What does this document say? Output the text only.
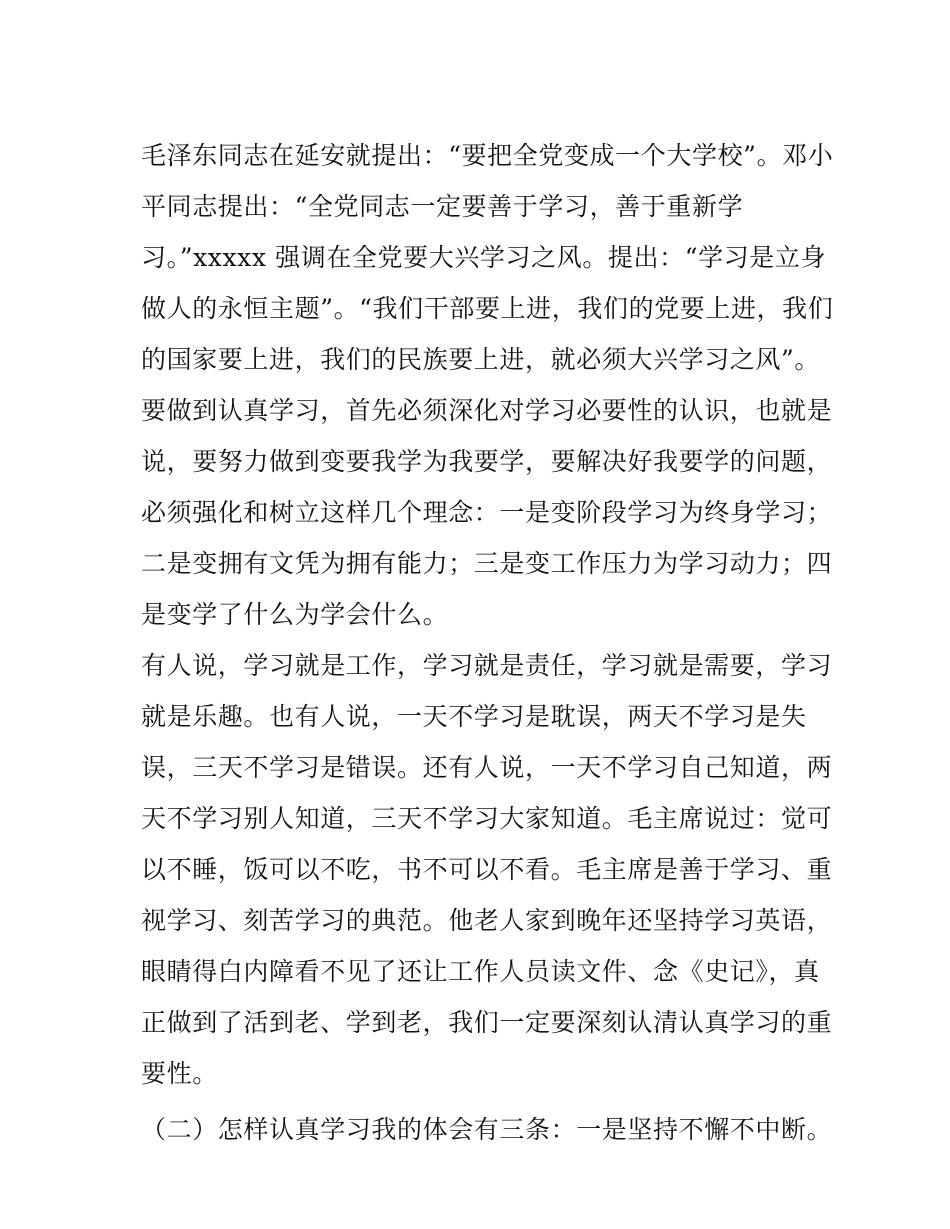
毛泽东同志在延安就提出：“要把全党变成一个大学校”。邓小
平同志提出：“全党同志一定要善于学习，善于重新学
习。”xxxxx 强调在全党要大兴学习之风。提出：“学习是立身
做人的永恒主题”。“我们干部要上进，我们的党要上进，我们
的国家要上进，我们的民族要上进，就必须大兴学习之风”。
要做到认真学习，首先必须深化对学习必要性的认识，也就是
说，要努力做到变要我学为我要学，要解决好我要学的问题，
必须强化和树立这样几个理念：一是变阶段学习为终身学习；
二是变拥有文凭为拥有能力；三是变工作压力为学习动力；四
是变学了什么为学会什么。
有人说，学习就是工作，学习就是责任，学习就是需要，学习
就是乐趣。也有人说，一天不学习是耽误，两天不学习是失
误，三天不学习是错误。还有人说，一天不学习自己知道，两
天不学习别人知道，三天不学习大家知道。毛主席说过：觉可
以不睡，饭可以不吃，书不可以不看。毛主席是善于学习、重
视学习、刻苦学习的典范。他老人家到晚年还坚持学习英语，
眼睛得白内障看不见了还让工作人员读文件、念《史记》，真
正做到了活到老、学到老，我们一定要深刻认清认真学习的重
要性。
（二）怎样认真学习我的体会有三条：一是坚持不懈不中断。
